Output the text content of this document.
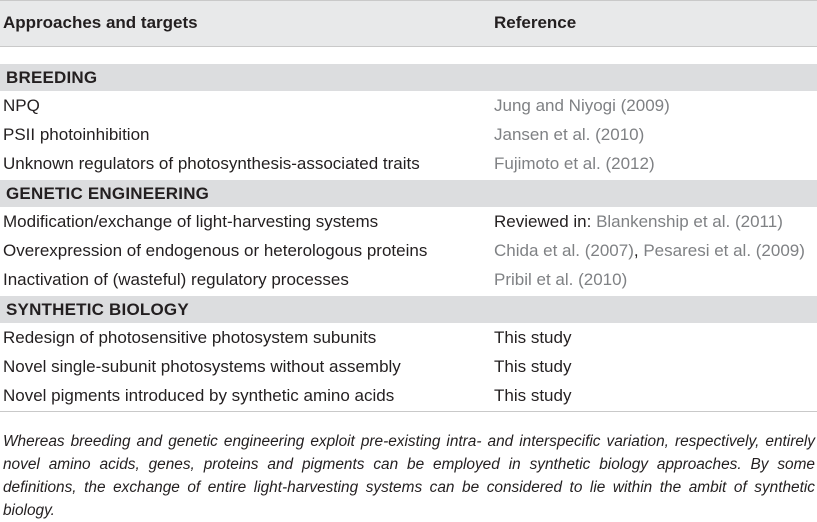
Approaches and targets	Reference
BREEDING
NPQ	Jung and Niyogi (2009)
PSII photoinhibition	Jansen et al. (2010)
Unknown regulators of photosynthesis-associated traits	Fujimoto et al. (2012)
GENETIC ENGINEERING
Modification/exchange of light-harvesting systems	Reviewed in: Blankenship et al. (2011)
Overexpression of endogenous or heterologous proteins	Chida et al. (2007), Pesaresi et al. (2009)
Inactivation of (wasteful) regulatory processes	Pribil et al. (2010)
SYNTHETIC BIOLOGY
Redesign of photosensitive photosystem subunits	This study
Novel single-subunit photosystems without assembly	This study
Novel pigments introduced by synthetic amino acids	This study
Whereas breeding and genetic engineering exploit pre-existing intra- and interspecific variation, respectively, entirely novel amino acids, genes, proteins and pigments can be employed in synthetic biology approaches. By some definitions, the exchange of entire light-harvesting systems can be considered to lie within the ambit of synthetic biology.
